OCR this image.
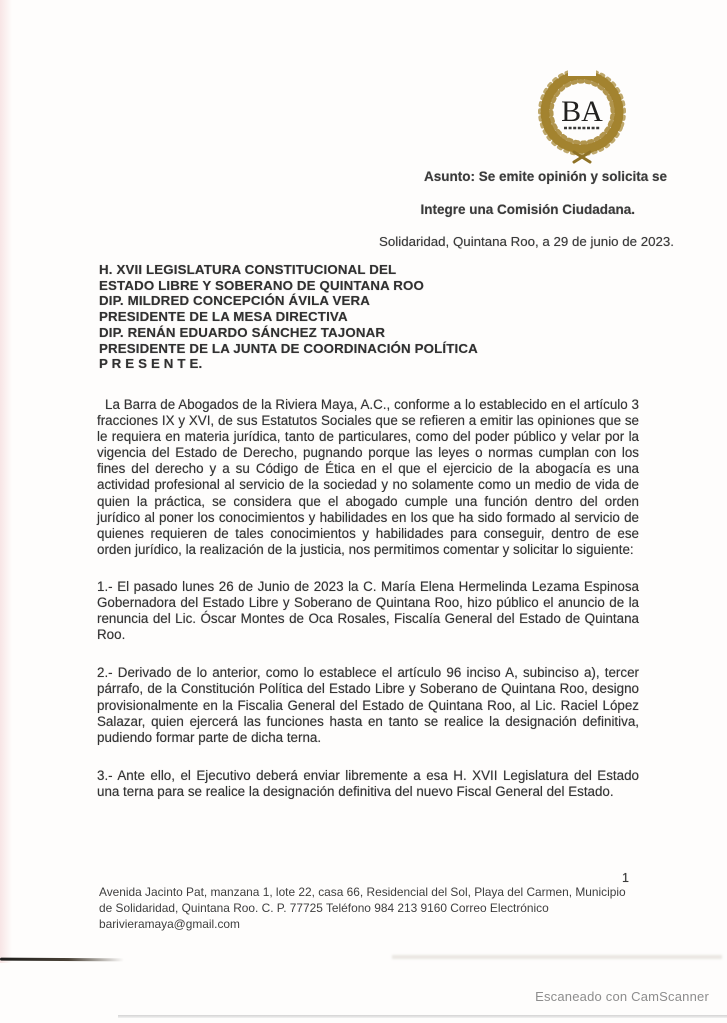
BA
Asunto: Se emite opinión y solicita se
Integre una Comisión Ciudadana.
Solidaridad, Quintana Roo, a 29 de junio de 2023.
H. XVII LEGISLATURA CONSTITUCIONAL DEL
ESTADO LIBRE Y SOBERANO DE QUINTANA ROO
DIP. MILDRED CONCEPCIÓN ÁVILA VERA
PRESIDENTE DE LA MESA DIRECTIVA
DIP. RENÁN EDUARDO SÁNCHEZ TAJONAR
PRESIDENTE DE LA JUNTA DE COORDINACIÓN POLÍTICA
P R E S E N T E.

La Barra de Abogados de la Riviera Maya, A.C., conforme a lo establecido en el artículo 3 fracciones IX y XVI, de sus Estatutos Sociales que se refieren a emitir las opiniones que se le requiera en materia jurídica, tanto de particulares, como del poder público y velar por la vigencia del Estado de Derecho, pugnando porque las leyes o normas cumplan con los fines del derecho y a su Código de Ética en el que el ejercicio de la abogacía es una actividad profesional al servicio de la sociedad y no solamente como un medio de vida de quien la práctica, se considera que el abogado cumple una función dentro del orden jurídico al poner los conocimientos y habilidades en los que ha sido formado al servicio de quienes requieren de tales conocimientos y habilidades para conseguir, dentro de ese orden jurídico, la realización de la justicia, nos permitimos comentar y solicitar lo siguiente:

1.- El pasado lunes 26 de Junio de 2023 la C. María Elena Hermelinda Lezama Espinosa Gobernadora del Estado Libre y Soberano de Quintana Roo, hizo público el anuncio de la renuncia del Lic. Óscar Montes de Oca Rosales, Fiscalía General del Estado de Quintana Roo.

2.- Derivado de lo anterior, como lo establece el artículo 96 inciso A, subinciso a), tercer párrafo, de la Constitución Política del Estado Libre y Soberano de Quintana Roo, designo provisionalmente en la Fiscalia General del Estado de Quintana Roo, al Lic. Raciel López Salazar, quien ejercerá las funciones hasta en tanto se realice la designación definitiva, pudiendo formar parte de dicha terna.

3.- Ante ello, el Ejecutivo deberá enviar libremente a esa H. XVII Legislatura del Estado una terna para se realice la designación definitiva del nuevo Fiscal General del Estado.

1
Avenida Jacinto Pat, manzana 1, lote 22, casa 66, Residencial del Sol, Playa del Carmen, Municipio de Solidaridad, Quintana Roo. C. P. 77725 Teléfono 984 213 9160 Correo Electrónico barivieramaya@gmail.com
Escaneado con CamScanner
